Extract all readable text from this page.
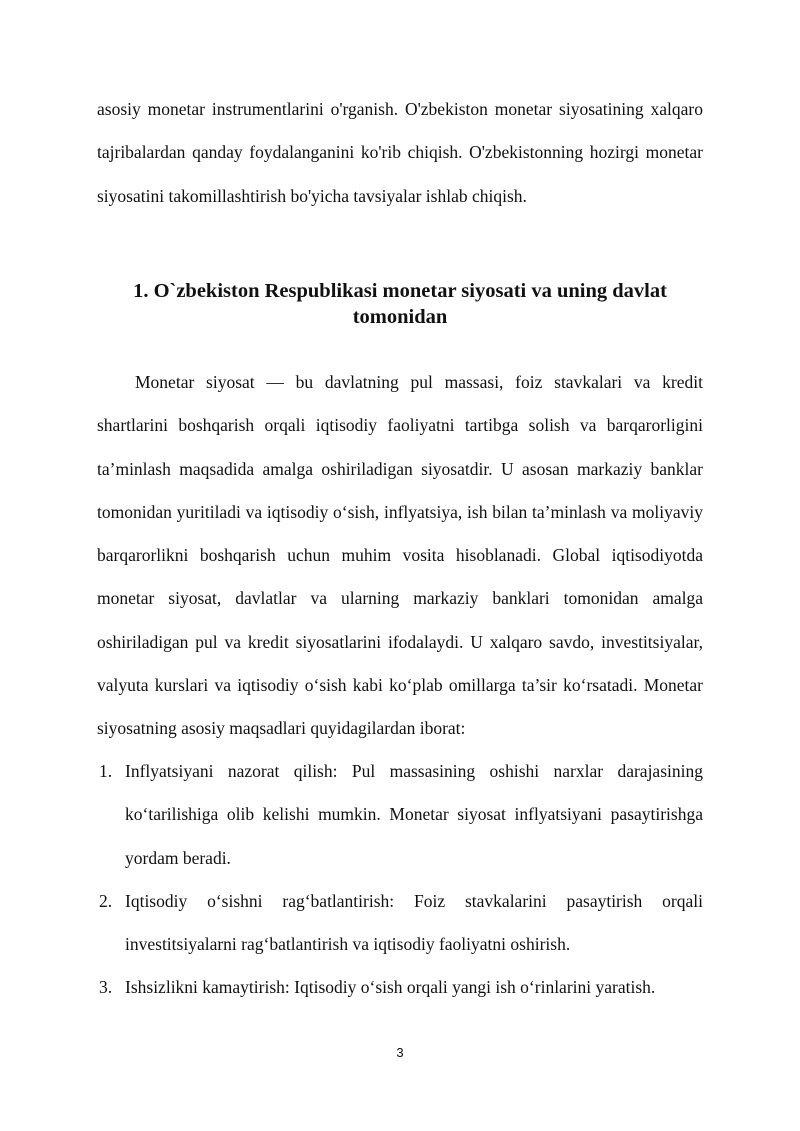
asosiy monetar instrumentlarini o'rganish. O'zbekiston monetar siyosatining xalqaro tajribalardan qanday foydalanganini ko'rib chiqish. O'zbekistonning hozirgi monetar siyosatini takomillashtirish bo'yicha tavsiyalar ishlab chiqish.

1. O`zbekiston Respublikasi monetar siyosati va uning davlat tomonidan

Monetar siyosat — bu davlatning pul massasi, foiz stavkalari va kredit shartlarini boshqarish orqali iqtisodiy faoliyatni tartibga solish va barqarorligini ta’minlash maqsadida amalga oshiriladigan siyosatdir. U asosan markaziy banklar tomonidan yuritiladi va iqtisodiy o‘sish, inflyatsiya, ish bilan ta’minlash va moliyaviy barqarorlikni boshqarish uchun muhim vosita hisoblanadi. Global iqtisodiyotda monetar siyosat, davlatlar va ularning markaziy banklari tomonidan amalga oshiriladigan pul va kredit siyosatlarini ifodalaydi. U xalqaro savdo, investitsiyalar, valyuta kurslari va iqtisodiy o‘sish kabi ko‘plab omillarga ta’sir ko‘rsatadi. Monetar siyosatning asosiy maqsadlari quyidagilardan iborat:

1. Inflyatsiyani nazorat qilish: Pul massasining oshishi narxlar darajasining ko‘tarilishiga olib kelishi mumkin. Monetar siyosat inflyatsiyani pasaytirishga yordam beradi.
2. Iqtisodiy o‘sishni rag‘batlantirish: Foiz stavkalarini pasaytirish orqali investitsiyalarni rag‘batlantirish va iqtisodiy faoliyatni oshirish.
3. Ishsizlikni kamaytirish: Iqtisodiy o‘sish orqali yangi ish o‘rinlarini yaratish.
3
